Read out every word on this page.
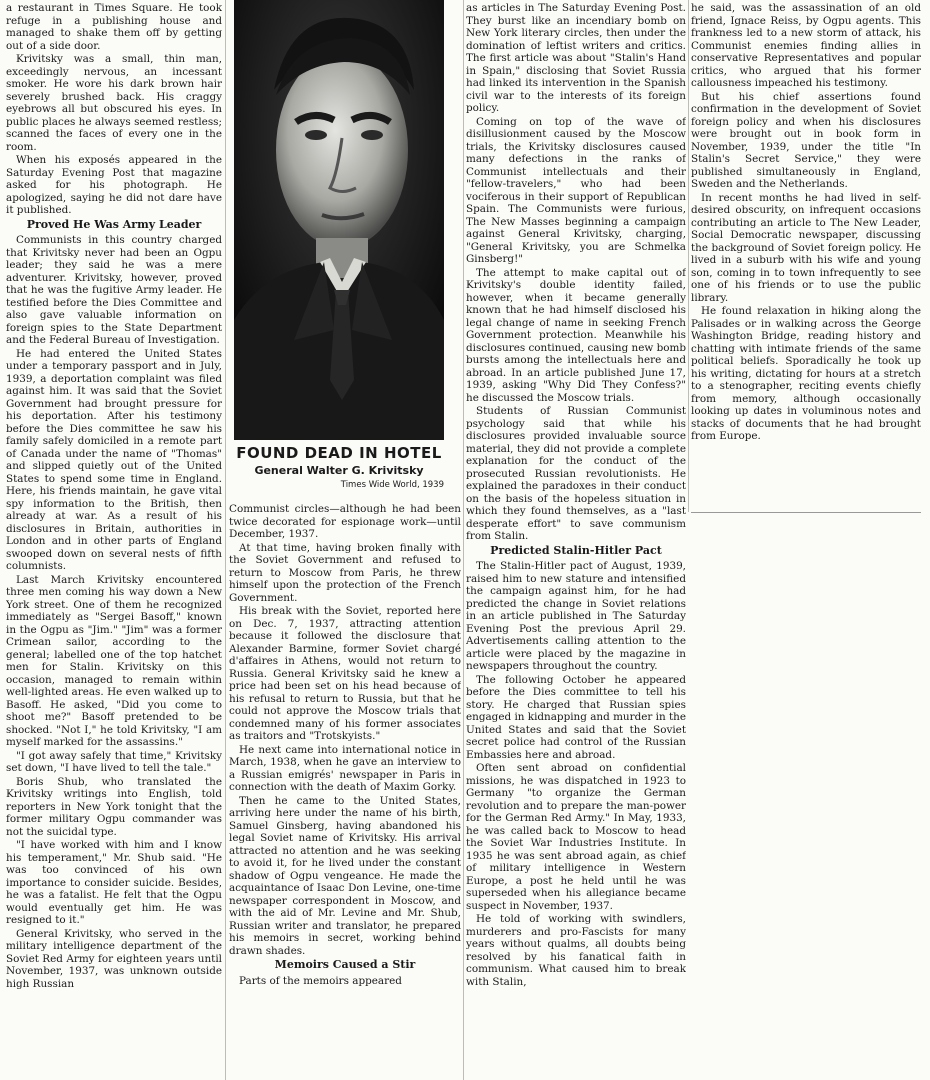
a restaurant in Times Square. He took refuge in a publishing house and managed to shake them off by getting out of a side door.

Krivitsky was a small, thin man, exceedingly nervous, an incessant smoker. He wore his dark brown hair severely brushed back. His craggy eyebrows all but obscured his eyes. In public places he always seemed restless; scanned the faces of every one in the room.

When his exposés appeared in the Saturday Evening Post that magazine asked for his photograph. He apologized, saying he did not dare have it published.

Proved He Was Army Leader

Communists in this country charged that Krivitsky never had been an Ogpu leader; they said he was a mere adventurer. Krivitsky, however, proved that he was the fugitive Army leader. He testified before the Dies Committee and also gave valuable information on foreign spies to the State Department and the Federal Bureau of Investigation.

He had entered the United States under a temporary passport and in July, 1939, a deportation complaint was filed against him. It was said that the Soviet Government had brought pressure for his deportation. After his testimony before the Dies committee he saw his family safely domiciled in a remote part of Canada under the name of "Thomas" and slipped quietly out of the United States to spend some time in England. Here, his friends maintain, he gave vital spy information to the British, then already at war. As a result of his disclosures in Britain, authorities in London and in other parts of England swooped down on several nests of fifth columnists.

Last March Krivitsky encountered three men coming his way down a New York street. One of them he recognized immediately as "Sergei Basoff," known in the Ogpu as "Jim." "Jim" was a former Crimean sailor, according to the general; labelled one of the top hatchet men for Stalin. Krivitsky on this occasion, managed to remain within well-lighted areas. He even walked up to Basoff. He asked, "Did you come to shoot me?" Basoff pretended to be shocked. "Not I," he told Krivitsky, "I am myself marked for the assassins."

"I got away safely that time," Krivitsky set down, "I have lived to tell the tale."

Boris Shub, who translated the Krivitsky writings into English, told reporters in New York tonight that the former military Ogpu commander was not the suicidal type.

"I have worked with him and I know his temperament," Mr. Shub said. "He was too convinced of his own importance to consider suicide. Besides, he was a fatalist. He felt that the Ogpu would eventually get him. He was resigned to it."

General Krivitsky, who served in the military intelligence department of the Soviet Red Army for eighteen years until November, 1937, was unknown outside high Russian

FOUND DEAD IN HOTEL
General Walter G. Krivitsky
Times Wide World, 1939

Communist circles—although he had been twice decorated for espionage work—until December, 1937.

At that time, having broken finally with the Soviet Government and refused to return to Moscow from Paris, he threw himself upon the protection of the French Government.

His break with the Soviet, reported here on Dec. 7, 1937, attracting attention because it followed the disclosure that Alexander Barmine, former Soviet chargé d'affaires in Athens, would not return to Russia. General Krivitsky said he knew a price had been set on his head because of his refusal to return to Russia, but that he could not approve the Moscow trials that condemned many of his former associates as traitors and "Trotskyists."

He next came into international notice in March, 1938, when he gave an interview to a Russian emigrés' newspaper in Paris in connection with the death of Maxim Gorky.

Then he came to the United States, arriving here under the name of his birth, Samuel Ginsberg, having abandoned his legal Soviet name of Krivitsky. His arrival attracted no attention and he was seeking to avoid it, for he lived under the constant shadow of Ogpu vengeance. He made the acquaintance of Isaac Don Levine, one-time newspaper correspondent in Moscow, and with the aid of Mr. Levine and Mr. Shub, Russian writer and translator, he prepared his memoirs in secret, working behind drawn shades.

Memoirs Caused a Stir

Parts of the memoirs appeared

as articles in The Saturday Evening Post. They burst like an incendiary bomb on New York literary circles, then under the domination of leftist writers and critics. The first article was about "Stalin's Hand in Spain," disclosing that Soviet Russia had linked its intervention in the Spanish civil war to the interests of its foreign policy.

Coming on top of the wave of disillusionment caused by the Moscow trials, the Krivitsky disclosures caused many defections in the ranks of Communist intellectuals and their "fellow-travelers," who had been vociferous in their support of Republican Spain. The Communists were furious, The New Masses beginning a campaign against General Krivitsky, charging, "General Krivitsky, you are Schmelka Ginsberg!"

The attempt to make capital out of Krivitsky's double identity failed, however, when it became generally known that he had himself disclosed his legal change of name in seeking French Government protection. Meanwhile his disclosures continued, causing new bomb bursts among the intellectuals here and abroad. In an article published June 17, 1939, asking "Why Did They Confess?" he discussed the Moscow trials.

Students of Russian Communist psychology said that while his disclosures provided invaluable source material, they did not provide a complete explanation for the conduct of the prosecuted Russian revolutionists. He explained the paradoxes in their conduct on the basis of the hopeless situation in which they found themselves, as a "last desperate effort" to save communism from Stalin.

Predicted Stalin-Hitler Pact

The Stalin-Hitler pact of August, 1939, raised him to new stature and intensified the campaign against him, for he had predicted the change in Soviet relations in an article published in The Saturday Evening Post the previous April 29. Advertisements calling attention to the article were placed by the magazine in newspapers throughout the country.

The following October he appeared before the Dies committee to tell his story. He charged that Russian spies engaged in kidnapping and murder in the United States and said that the Soviet secret police had control of the Russian Embassies here and abroad.

Often sent abroad on confidential missions, he was dispatched in 1923 to Germany "to organize the German revolution and to prepare the man-power for the German Red Army." In May, 1933, he was called back to Moscow to head the Soviet War Industries Institute. In 1935 he was sent abroad again, as chief of military intelligence in Western Europe, a post he held until he was superseded when his allegiance became suspect in November, 1937.

He told of working with swindlers, murderers and pro-Fascists for many years without qualms, all doubts being resolved by his fanatical faith in communism. What caused him to break with Stalin,

he said, was the assassination of an old friend, Ignace Reiss, by Ogpu agents. This frankness led to a new storm of attack, his Communist enemies finding allies in conservative Representatives and popular critics, who argued that his former callousness impeached his testimony.

But his chief assertions found confirmation in the development of Soviet foreign policy and when his disclosures were brought out in book form in November, 1939, under the title "In Stalin's Secret Service," they were published simultaneously in England, Sweden and the Netherlands.

In recent months he had lived in self-desired obscurity, on infrequent occasions contributing an article to The New Leader, Social Democratic newspaper, discussing the background of Soviet foreign policy. He lived in a suburb with his wife and young son, coming in to town infrequently to see one of his friends or to use the public library.

He found relaxation in hiking along the Palisades or in walking across the George Washington Bridge, reading history and chatting with intimate friends of the same political beliefs. Sporadically he took up his writing, dictating for hours at a stretch to a stenographer, reciting events chiefly from memory, although occasionally looking up dates in voluminous notes and stacks of documents that he had brought from Europe.
